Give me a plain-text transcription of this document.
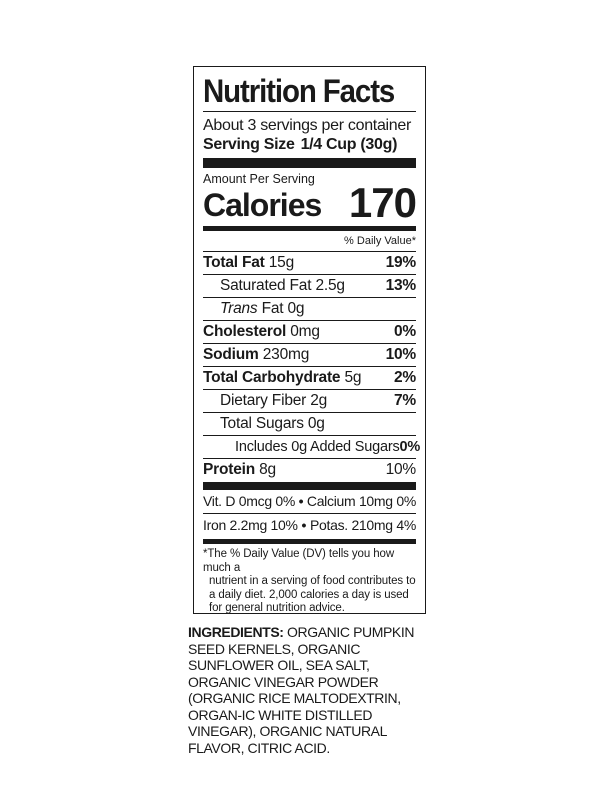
Nutrition Facts
About 3 servings per container
Serving Size 1/4 Cup (30g)
Amount Per Serving
Calories 170
% Daily Value*
Total Fat 15g	19%
Saturated Fat 2.5g	13%
Trans Fat 0g
Cholesterol 0mg	0%
Sodium 230mg	10%
Total Carbohydrate 5g 2%
Dietary Fiber 2g	7%
Total Sugars 0g
Includes 0g Added Sugars 0%
Protein 8g	10%
Vit. D 0mcg 0% • Calcium 10mg 0%
Iron 2.2mg 10% • Potas. 210mg 4%
*The % Daily Value (DV) tells you how much a
nutrient in a serving of food contributes to a daily diet. 2,000 calories a day is used for general nutrition advice.
INGREDIENTS: ORGANIC PUMPKIN SEED KERNELS, ORGANIC SUNFLOWER OIL, SEA SALT, ORGANIC VINEGAR POWDER (ORGANIC RICE MALTODEXTRIN, ORGAN-IC WHITE DISTILLED VINEGAR), ORGANIC NATURAL FLAVOR, CITRIC ACID.
